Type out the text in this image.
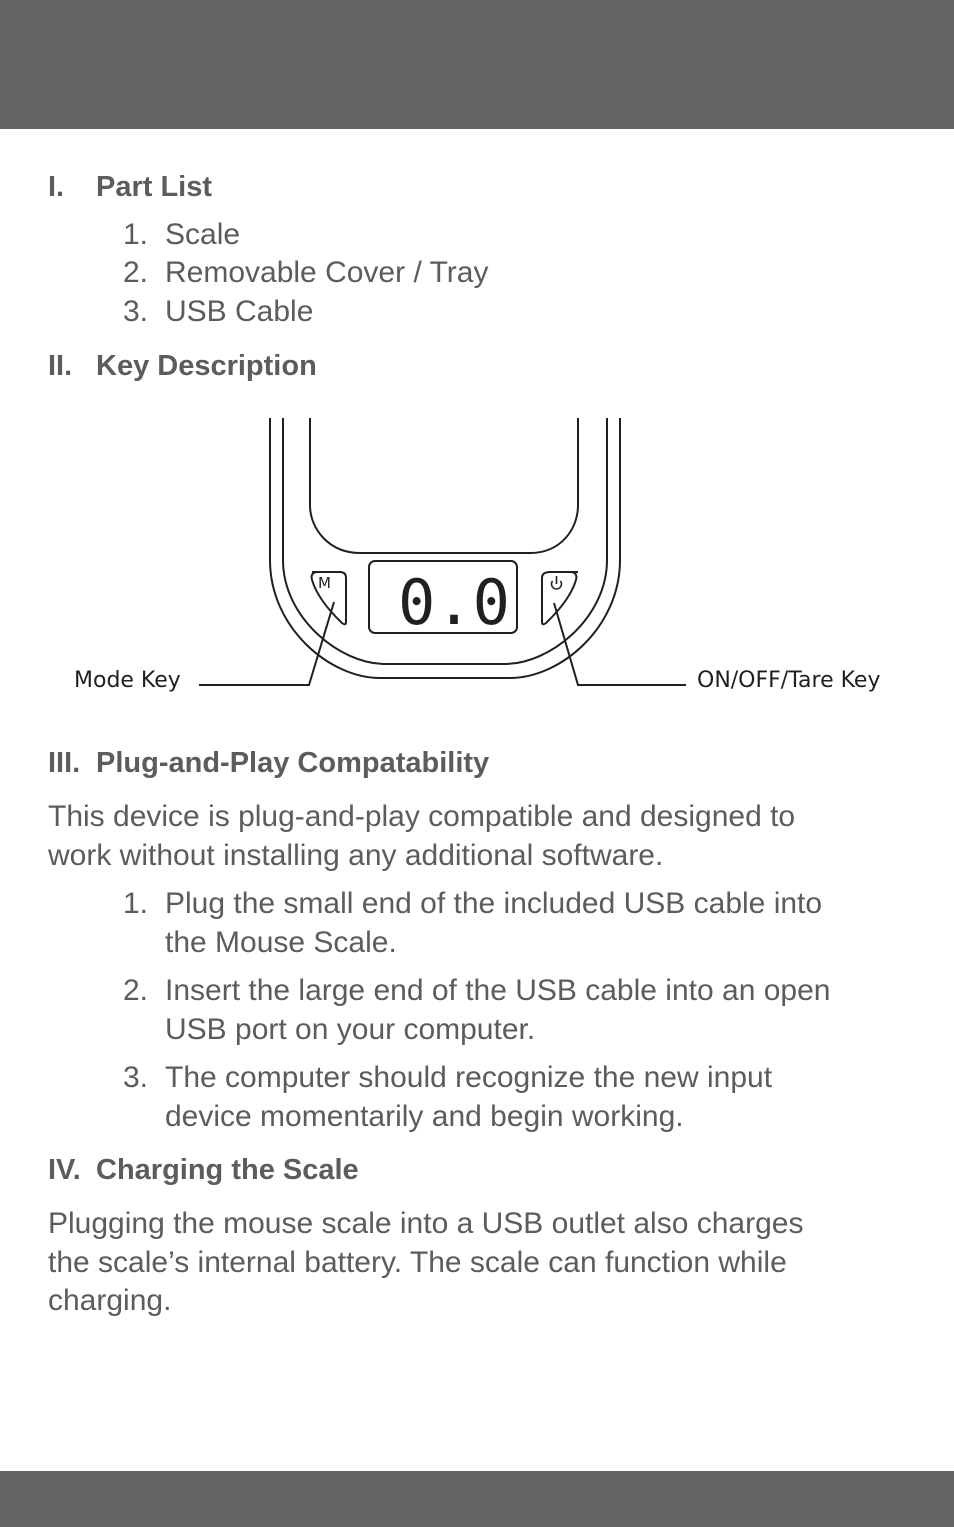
I. Part List
1. Scale
2. Removable Cover / Tray
3. USB Cable
II. Key Description
M 0.0
Mode Key	ON/OFF/Tare Key
III. Plug-and-Play Compatability
This device is plug-and-play compatible and designed to
work without installing any additional software.
1. Plug the small end of the included USB cable into
the Mouse Scale.
2. Insert the large end of the USB cable into an open
USB port on your computer.
3. The computer should recognize the new input
device momentarily and begin working.
IV. Charging the Scale
Plugging the mouse scale into a USB outlet also charges
the scale’s internal battery. The scale can function while
charging.
